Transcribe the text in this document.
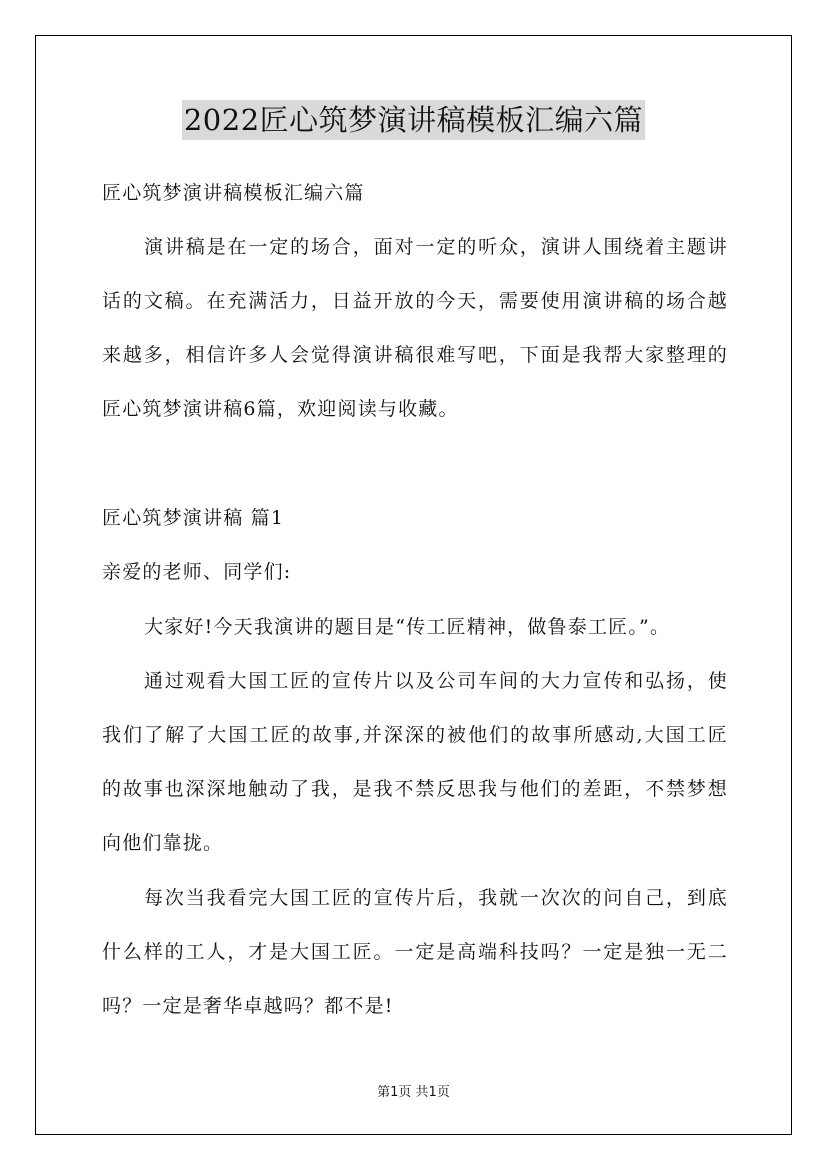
2022匠心筑梦演讲稿模板汇编六篇
匠心筑梦演讲稿模板汇编六篇
演讲稿是在一定的场合，面对一定的听众，演讲人围绕着主题讲
话的文稿。在充满活力，日益开放的今天，需要使用演讲稿的场合越
来越多，相信许多人会觉得演讲稿很难写吧，下面是我帮大家整理的
匠心筑梦演讲稿6篇，欢迎阅读与收藏。
匠心筑梦演讲稿 篇1
亲爱的老师、同学们:
大家好!今天我演讲的题目是“传工匠精神，做鲁泰工匠。”。
通过观看大国工匠的宣传片以及公司车间的大力宣传和弘扬，使
我们了解了大国工匠的故事,并深深的被他们的故事所感动,大国工匠
的故事也深深地触动了我，是我不禁反思我与他们的差距，不禁梦想
向他们靠拢。
每次当我看完大国工匠的宣传片后，我就一次次的问自己，到底
什么样的工人，才是大国工匠。一定是高端科技吗？一定是独一无二
吗？一定是奢华卓越吗？都不是!
第1页 共1页
